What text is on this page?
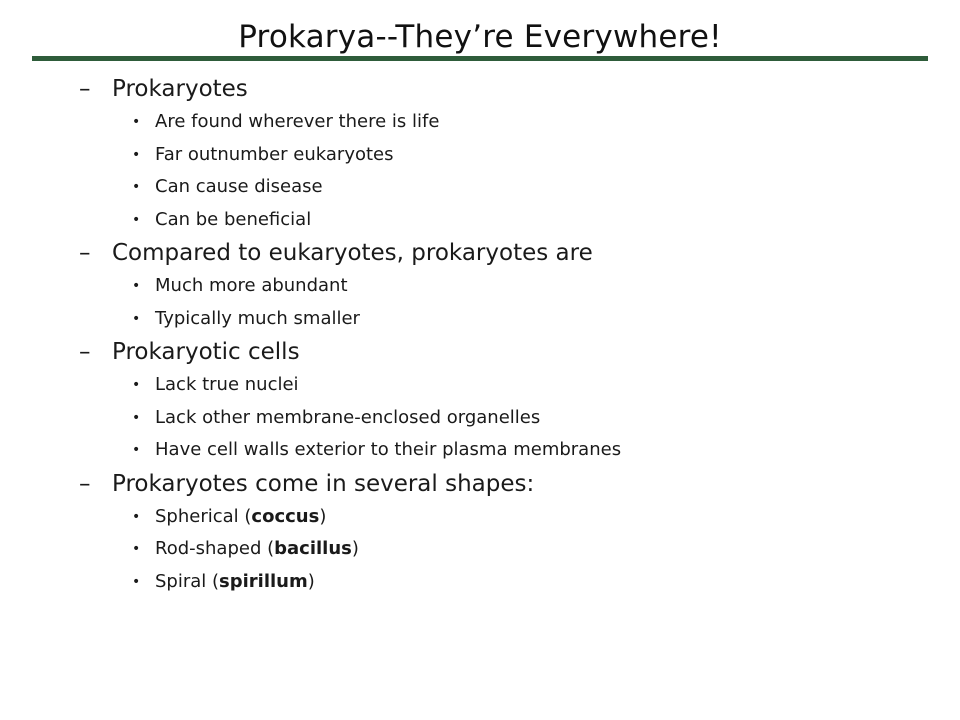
Prokarya--They’re Everywhere!
– Prokaryotes
• Are found wherever there is life
• Far outnumber eukaryotes
• Can cause disease
• Can be beneficial
– Compared to eukaryotes, prokaryotes are
• Much more abundant
• Typically much smaller
– Prokaryotic cells
• Lack true nuclei
• Lack other membrane-enclosed organelles
• Have cell walls exterior to their plasma membranes
– Prokaryotes come in several shapes:
• Spherical (coccus)
• Rod-shaped (bacillus)
• Spiral (spirillum)
